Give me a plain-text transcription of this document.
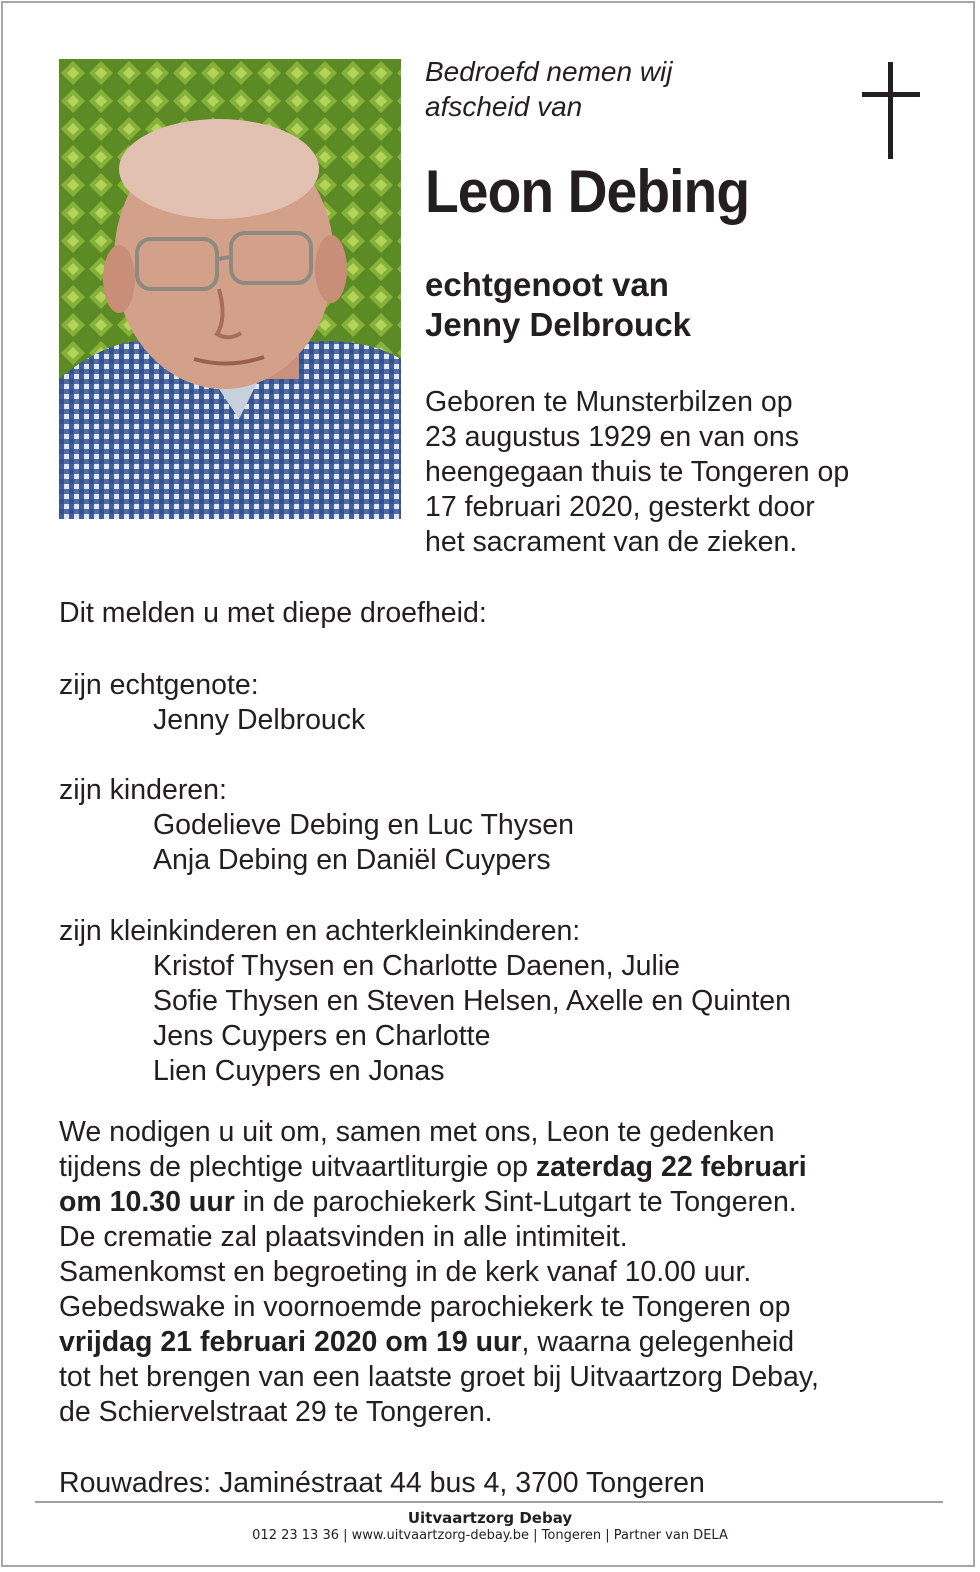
Bedroefd nemen wij
afscheid van
Leon Debing
echtgenoot van
Jenny Delbrouck
Geboren te Munsterbilzen op
23 augustus 1929 en van ons
heengegaan thuis te Tongeren op
17 februari 2020, gesterkt door
het sacrament van de zieken.
Dit melden u met diepe droefheid:
zijn echtgenote:
Jenny Delbrouck
zijn kinderen:
Godelieve Debing en Luc Thysen
Anja Debing en Daniël Cuypers
zijn kleinkinderen en achterkleinkinderen:
Kristof Thysen en Charlotte Daenen, Julie
Sofie Thysen en Steven Helsen, Axelle en Quinten
Jens Cuypers en Charlotte
Lien Cuypers en Jonas
We nodigen u uit om, samen met ons, Leon te gedenken
tijdens de plechtige uitvaartliturgie op zaterdag 22 februari
om 10.30 uur in de parochiekerk Sint-Lutgart te Tongeren.
De crematie zal plaatsvinden in alle intimiteit.
Samenkomst en begroeting in de kerk vanaf 10.00 uur.
Gebedswake in voornoemde parochiekerk te Tongeren op
vrijdag 21 februari 2020 om 19 uur, waarna gelegenheid
tot het brengen van een laatste groet bij Uitvaartzorg Debay,
de Schiervelstraat 29 te Tongeren.
Rouwadres: Jaminéstraat 44 bus 4, 3700 Tongeren
Uitvaartzorg Debay
012 23 13 36 | www.uitvaartzorg-debay.be | Tongeren | Partner van DELA
